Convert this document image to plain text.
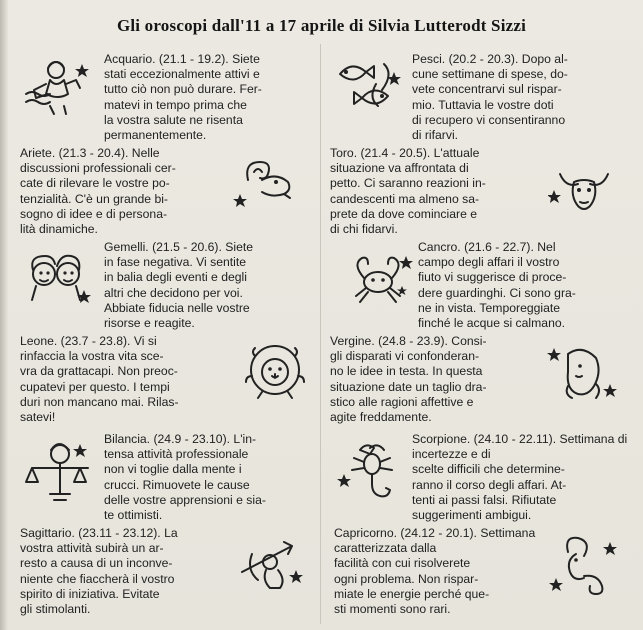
Gli oroscopi dall'11 a 17 aprile di Silvia Lutterodt Sizzi
Acquario. (21.1 - 19.2). Siete
stati eccezionalmente attivi e
tutto ciò non può durare. Fer-
matevi in tempo prima che
la vostra salute ne risenta
permanentemente.
Pesci. (20.2 - 20.3). Dopo al-
cune settimane di spese, do-
vete concentrarvi sul rispar-
mio. Tuttavia le vostre doti
di recupero vi consentiranno
di rifarvi.
Ariete. (21.3 - 20.4). Nelle
discussioni professionali cer-
cate di rilevare le vostre po-
tenzialità. C'è un grande bi-
sogno di idee e di persona-
lità dinamiche.
Toro. (21.4 - 20.5). L'attuale
situazione va affrontata di
petto. Ci saranno reazioni in-
candescenti ma almeno sa-
prete da dove cominciare e
di chi fidarvi.
Gemelli. (21.5 - 20.6). Siete
in fase negativa. Vi sentite
in balia degli eventi e degli
altri che decidono per voi.
Abbiate fiducia nelle vostre
risorse e reagite.
Cancro. (21.6 - 22.7). Nel
campo degli affari il vostro
fiuto vi suggerisce di proce-
dere guardinghi. Ci sono gra-
ne in vista. Temporeggiate
finché le acque si calmano.
Leone. (23.7 - 23.8). Vi si
rinfaccia la vostra vita sce-
vra da grattacapi. Non preoc-
cupatevi per questo. I tempi
duri non mancano mai. Rilas-
satevi!
Vergine. (24.8 - 23.9). Consi-
gli disparati vi confonderan-
no le idee in testa. In questa
situazione date un taglio dra-
stico alle ragioni affettive e
agite freddamente.
Bilancia. (24.9 - 23.10). L'in-
tensa attività professionale
non vi toglie dalla mente i
crucci. Rimuovete le cause
delle vostre apprensioni e sia-
te ottimisti.
Scorpione. (24.10 - 22.11). Settimana di incertezze e di
scelte difficili che determine-
ranno il corso degli affari. At-
tenti ai passi falsi. Rifiutate
suggerimenti ambigui.
Sagittario. (23.11 - 23.12). La
vostra attività subirà un ar-
resto a causa di un inconve-
niente che fiaccherà il vostro
spirito di iniziativa. Evitate
gli stimolanti.
Capricorno. (24.12 - 20.1). Settimana caratterizzata dalla
facilità con cui risolverete
ogni problema. Non rispar-
miate le energie perché que-
sti momenti sono rari.
